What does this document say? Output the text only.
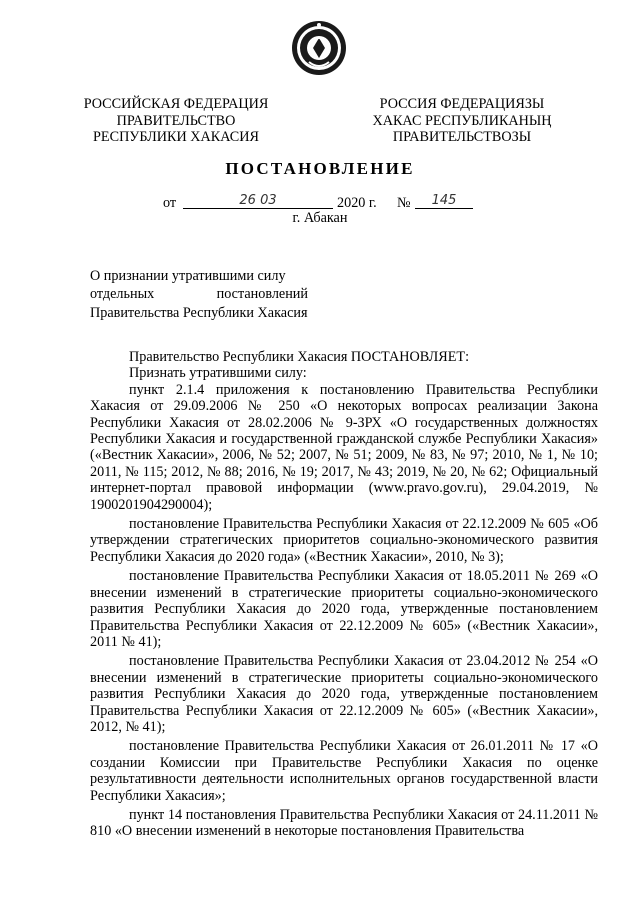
РОССИЙСКАЯ ФЕДЕРАЦИЯ
ПРАВИТЕЛЬСТВО
РЕСПУБЛИКИ ХАКАСИЯ
РОССИЯ ФЕДЕРАЦИЯЗЫ
ХАКАС РЕСПУБЛИКАНЫҢ
ПРАВИТЕЛЬСТВОЗЫ
ПОСТАНОВЛЕНИЕ
от	26 03	2020 г. №	145
г. Абакан
О признании утратившими силу
отдельных	постановлений
Правительства Республики Хакасия

Правительство Республики Хакасия ПОСТАНОВЛЯЕТ:

Признать утратившими силу:

пункт 2.1.4 приложения к постановлению Правительства Республики Хакасия от 29.09.2006 № 250 «О некоторых вопросах реализации Закона Республики Хакасия от 28.02.2006 № 9-ЗРХ «О государственных должностях Республики Хакасия и государственной гражданской службе Республики Хакасия» («Вестник Хакасии», 2006, № 52; 2007, № 51; 2009, № 83, № 97; 2010, № 1, № 10; 2011, № 115; 2012, № 88; 2016, № 19; 2017, № 43; 2019, № 20, № 62; Официальный интернет-портал правовой информации (www.pravo.gov.ru), 29.04.2019, № 1900201904290004);

постановление Правительства Республики Хакасия от 22.12.2009 № 605 «Об утверждении стратегических приоритетов социально-экономического развития Республики Хакасия до 2020 года» («Вестник Хакасии», 2010, № 3);

постановление Правительства Республики Хакасия от 18.05.2011 № 269 «О внесении изменений в стратегические приоритеты социально-экономического развития Республики Хакасия до 2020 года, утвержденные постановлением Правительства Республики Хакасия от 22.12.2009 № 605» («Вестник Хакасии», 2011 № 41);

постановление Правительства Республики Хакасия от 23.04.2012 № 254 «О внесении изменений в стратегические приоритеты социально-экономического развития Республики Хакасия до 2020 года, утвержденные постановлением Правительства Республики Хакасия от 22.12.2009 № 605» («Вестник Хакасии», 2012, № 41);

постановление Правительства Республики Хакасия от 26.01.2011 № 17 «О создании Комиссии при Правительстве Республики Хакасия по оценке результативности деятельности исполнительных органов государственной власти Республики Хакасия»;

пункт 14 постановления Правительства Республики Хакасия от 24.11.2011 № 810 «О внесении изменений в некоторые постановления Правительства
